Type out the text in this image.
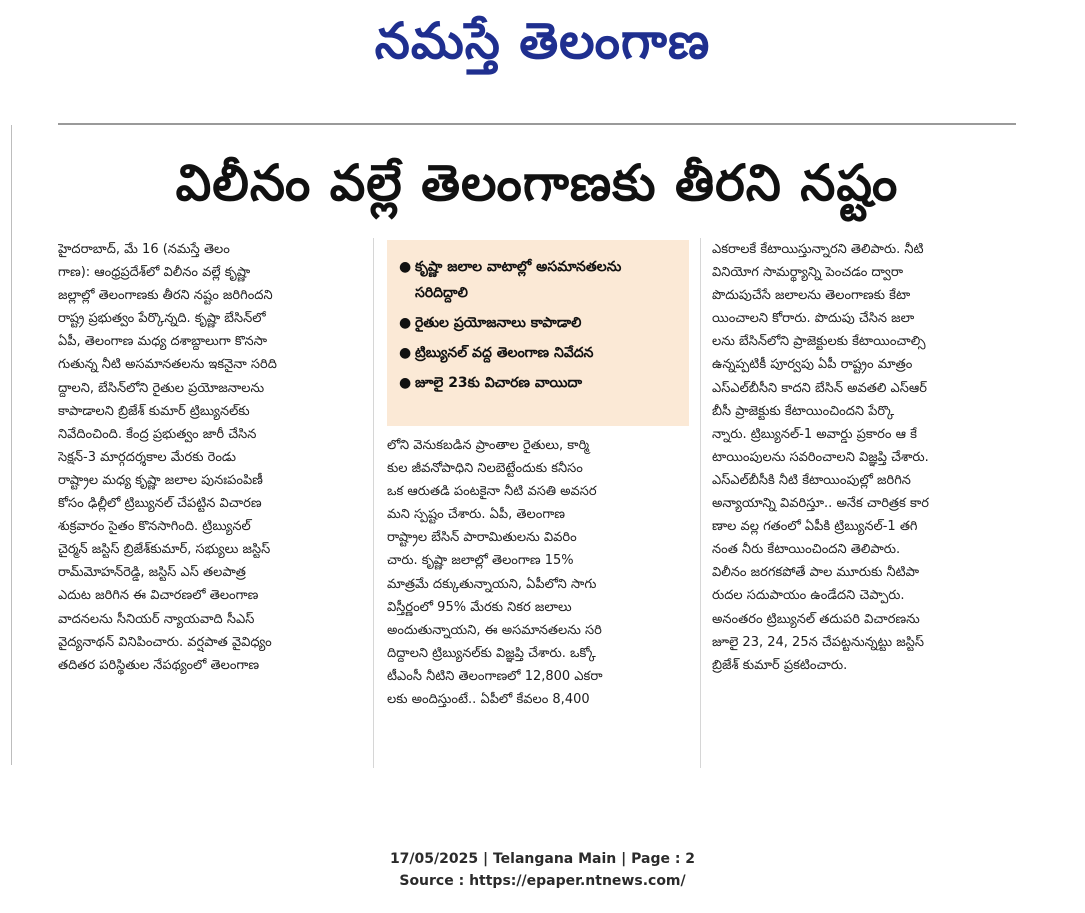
నమస్తే తెలంగాణ
విలీనం వల్లే తెలంగాణకు తీరని నష్టం
హైదరాబాద్, మే 16 (నమస్తే తెలం
గాణ): ఆంధ్రప్రదేశ్‌లో విలీనం వల్లే కృష్ణా
జల్లాల్లో తెలంగాణకు తీరని నష్టం జరిగిందని
రాష్ట్ర ప్రభుత్వం పేర్కొన్నది. కృష్ణా బేసిన్‌లో
ఏపీ, తెలంగాణ మధ్య దశాబ్దాలుగా కొనసా
గుతున్న నీటి అసమానతలను ఇకనైనా సరిది
ద్దాలని, బేసిన్‌లోని రైతుల ప్రయోజనాలను
కాపాడాలని బ్రిజేశ్ కుమార్ ట్రిబ్యునల్‌కు
నివేదించింది. కేంద్ర ప్రభుత్వం జారీ చేసిన
సెక్షన్-3 మార్గదర్శకాల మేరకు రెండు
రాష్ట్రాల మధ్య కృష్ణా జలాల పునఃపంపిణీ
కోసం ఢిల్లీలో ట్రిబ్యునల్ చేపట్టిన విచారణ
శుక్రవారం సైతం కొనసాగింది. ట్రిబ్యునల్
చైర్మన్ జస్టిస్ బ్రిజేశ్‌కుమార్, సభ్యులు జస్టిస్
రామ్‌మోహన్‌రెడ్డి, జస్టిస్ ఎస్ తలపాత్ర
ఎదుట జరిగిన ఈ విచారణలో తెలంగాణ
వాదనలను సీనియర్ న్యాయవాది సీఎస్
వైద్యనాథన్ వినిపించారు. వర్షపాత వైవిధ్యం
తదితర పరిస్థితుల నేపథ్యంలో తెలంగాణ
● కృష్ణా జలాల వాటాల్లో అసమానతలను సరిదిద్దాలి
● రైతుల ప్రయోజనాలు కాపాడాలి
● ట్రిబ్యునల్ వద్ద తెలంగాణ నివేదన
● జూలై 23కు విచారణ వాయిదా
లోని వెనుకబడిన ప్రాంతాల రైతులు, కార్మి
కుల జీవనోపాధిని నిలబెట్టేందుకు కనీసం
ఒక ఆరుతడి పంటకైనా నీటి వసతి అవసర
మని స్పష్టం చేశారు. ఏపీ, తెలంగాణ
రాష్ట్రాల బేసిన్ పారామితులను వివరిం
చారు. కృష్ణా జలాల్లో తెలంగాణ 15%
మాత్రమే దక్కుతున్నాయని, ఏపీలోని సాగు
విస్తీర్ణంలో 95% మేరకు నికర జలాలు
అందుతున్నాయని, ఈ అసమానతలను సరి
దిద్దాలని ట్రిబ్యునల్‌కు విజ్ఞప్తి చేశారు. ఒక్కో
టీఎంసీ నీటిని తెలంగాణలో 12,800 ఎకరా
లకు అందిస్తుంటే.. ఏపీలో కేవలం 8,400
ఎకరాలకే కేటాయిస్తున్నారని తెలిపారు. నీటి
వినియోగ సామర్థ్యాన్ని పెంచడం ద్వారా
పొదుపుచేసే జలాలను తెలంగాణకు కేటా
యించాలని కోరారు. పొదుపు చేసిన జలా
లను బేసిన్‌లోని ప్రాజెక్టులకు కేటాయించాల్సి
ఉన్నప్పటికీ పూర్వపు ఏపీ రాష్ట్రం మాత్రం
ఎస్ఎల్‌బీసీని కాదని బేసిన్ అవతలి ఎస్ఆర్
బీసీ ప్రాజెక్టుకు కేటాయించిందని పేర్కొ
న్నారు. ట్రిబ్యునల్-1 అవార్డు ప్రకారం ఆ కే
టాయింపులను సవరించాలని విజ్ఞప్తి చేశారు.
ఎస్ఎల్‌బీసీకి నీటి కేటాయింపుల్లో జరిగిన
అన్యాయాన్ని వివరిస్తూ.. అనేక చారిత్రక కార
ణాల వల్ల గతంలో ఏపీకి ట్రిబ్యునల్-1 తగి
నంత నీరు కేటాయించిందని తెలిపారు.
విలీనం జరగకపోతే పాల మూరుకు నీటిపా
రుదల సదుపాయం ఉండేదని చెప్పారు.
అనంతరం ట్రిబ్యునల్ తదుపరి విచారణను
జూలై 23, 24, 25న చేపట్టనున్నట్టు జస్టిస్
బ్రిజేశ్ కుమార్ ప్రకటించారు.
17/05/2025 | Telangana Main | Page : 2
Source : https://epaper.ntnews.com/
